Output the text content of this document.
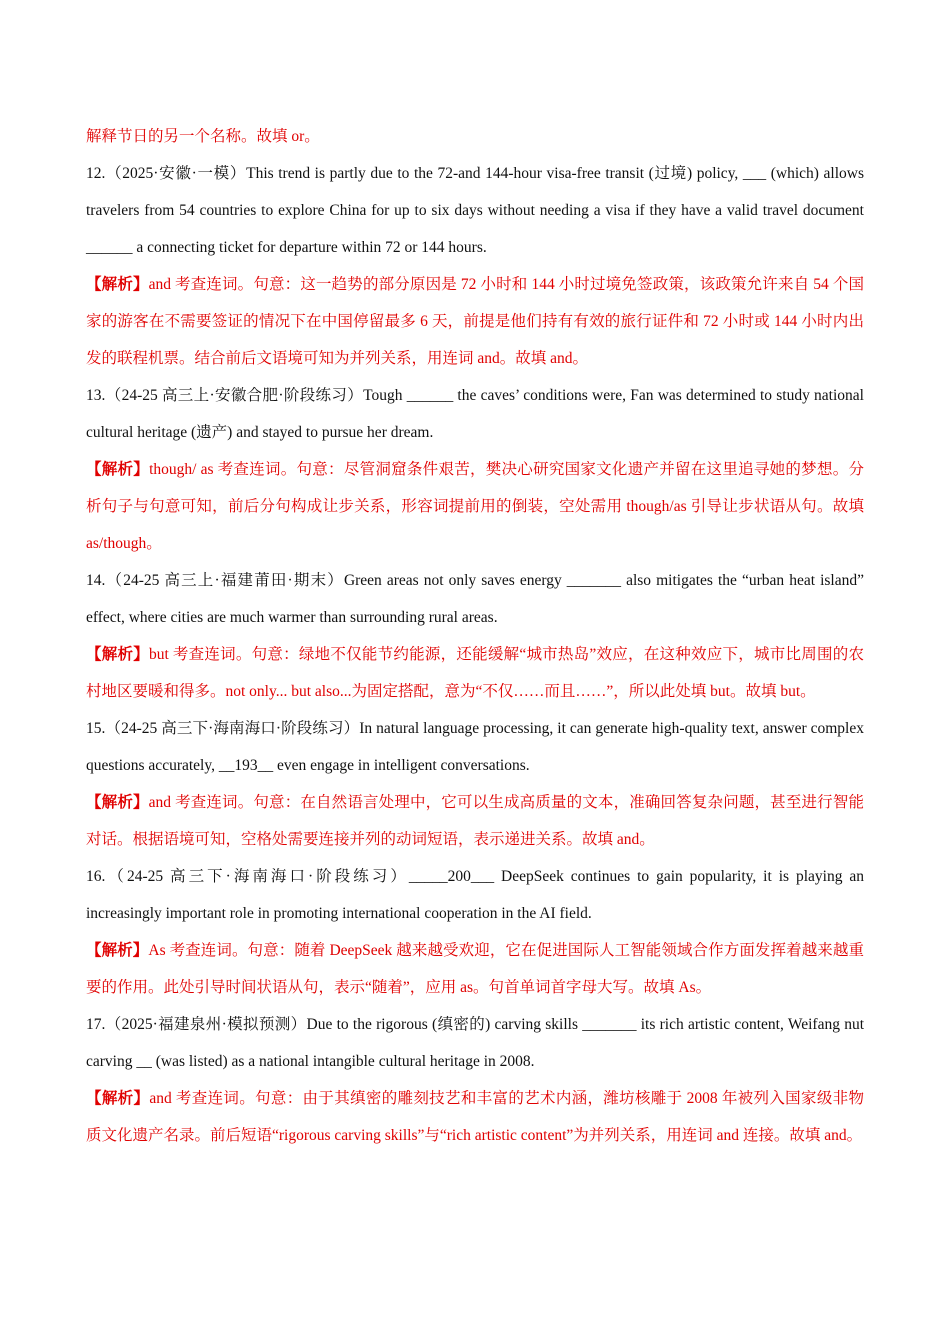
解释节日的另一个名称。故填 or。

12.（2025·安徽·一模）This trend is partly due to the 72-and 144-hour visa-free transit (过境) policy, ___ (which) allows travelers from 54 countries to explore China for up to six days without needing a visa if they have a valid travel document ______ a connecting ticket for departure within 72 or 144 hours.

【解析】and 考查连词。句意：这一趋势的部分原因是 72 小时和 144 小时过境免签政策，该政策允许来自 54 个国家的游客在不需要签证的情况下在中国停留最多 6 天，前提是他们持有有效的旅行证件和 72 小时或 144 小时内出发的联程机票。结合前后文语境可知为并列关系，用连词 and。故填 and。

13.（24-25 高三上·安徽合肥·阶段练习）Tough ______ the caves’ conditions were, Fan was determined to study national cultural heritage (遗产) and stayed to pursue her dream.

【解析】though/ as 考查连词。句意：尽管洞窟条件艰苦，樊决心研究国家文化遗产并留在这里追寻她的梦想。分析句子与句意可知，前后分句构成让步关系，形容词提前用的倒装，空处需用 though/as 引导让步状语从句。故填 as/though。

14.（24-25 高三上·福建莆田·期末）Green areas not only saves energy _______ also mitigates the “urban heat island” effect, where cities are much warmer than surrounding rural areas.

【解析】but 考查连词。句意：绿地不仅能节约能源，还能缓解“城市热岛”效应，在这种效应下，城市比周围的农村地区要暖和得多。not only... but also...为固定搭配，意为“不仅……而且……”，所以此处填 but。故填 but。

15.（24-25 高三下·海南海口·阶段练习）In natural language processing, it can generate high-quality text, answer complex questions accurately, __193__ even engage in intelligent conversations.

【解析】and 考查连词。句意：在自然语言处理中，它可以生成高质量的文本，准确回答复杂问题，甚至进行智能对话。根据语境可知，空格处需要连接并列的动词短语，表示递进关系。故填 and。

16.（24-25 高三下·海南海口·阶段练习）_____200___ DeepSeek continues to gain popularity, it is playing an increasingly important role in promoting international cooperation in the AI field.

【解析】As 考查连词。句意：随着 DeepSeek 越来越受欢迎，它在促进国际人工智能领域合作方面发挥着越来越重要的作用。此处引导时间状语从句，表示“随着”，应用 as。句首单词首字母大写。故填 As。

17.（2025·福建泉州·模拟预测）Due to the rigorous (缜密的) carving skills _______ its rich artistic content, Weifang nut carving __ (was listed) as a national intangible cultural heritage in 2008.

【解析】and 考查连词。句意：由于其缜密的雕刻技艺和丰富的艺术内涵，潍坊核雕于 2008 年被列入国家级非物质文化遗产名录。前后短语“rigorous carving skills”与“rich artistic content”为并列关系，用连词 and 连接。故填 and。
